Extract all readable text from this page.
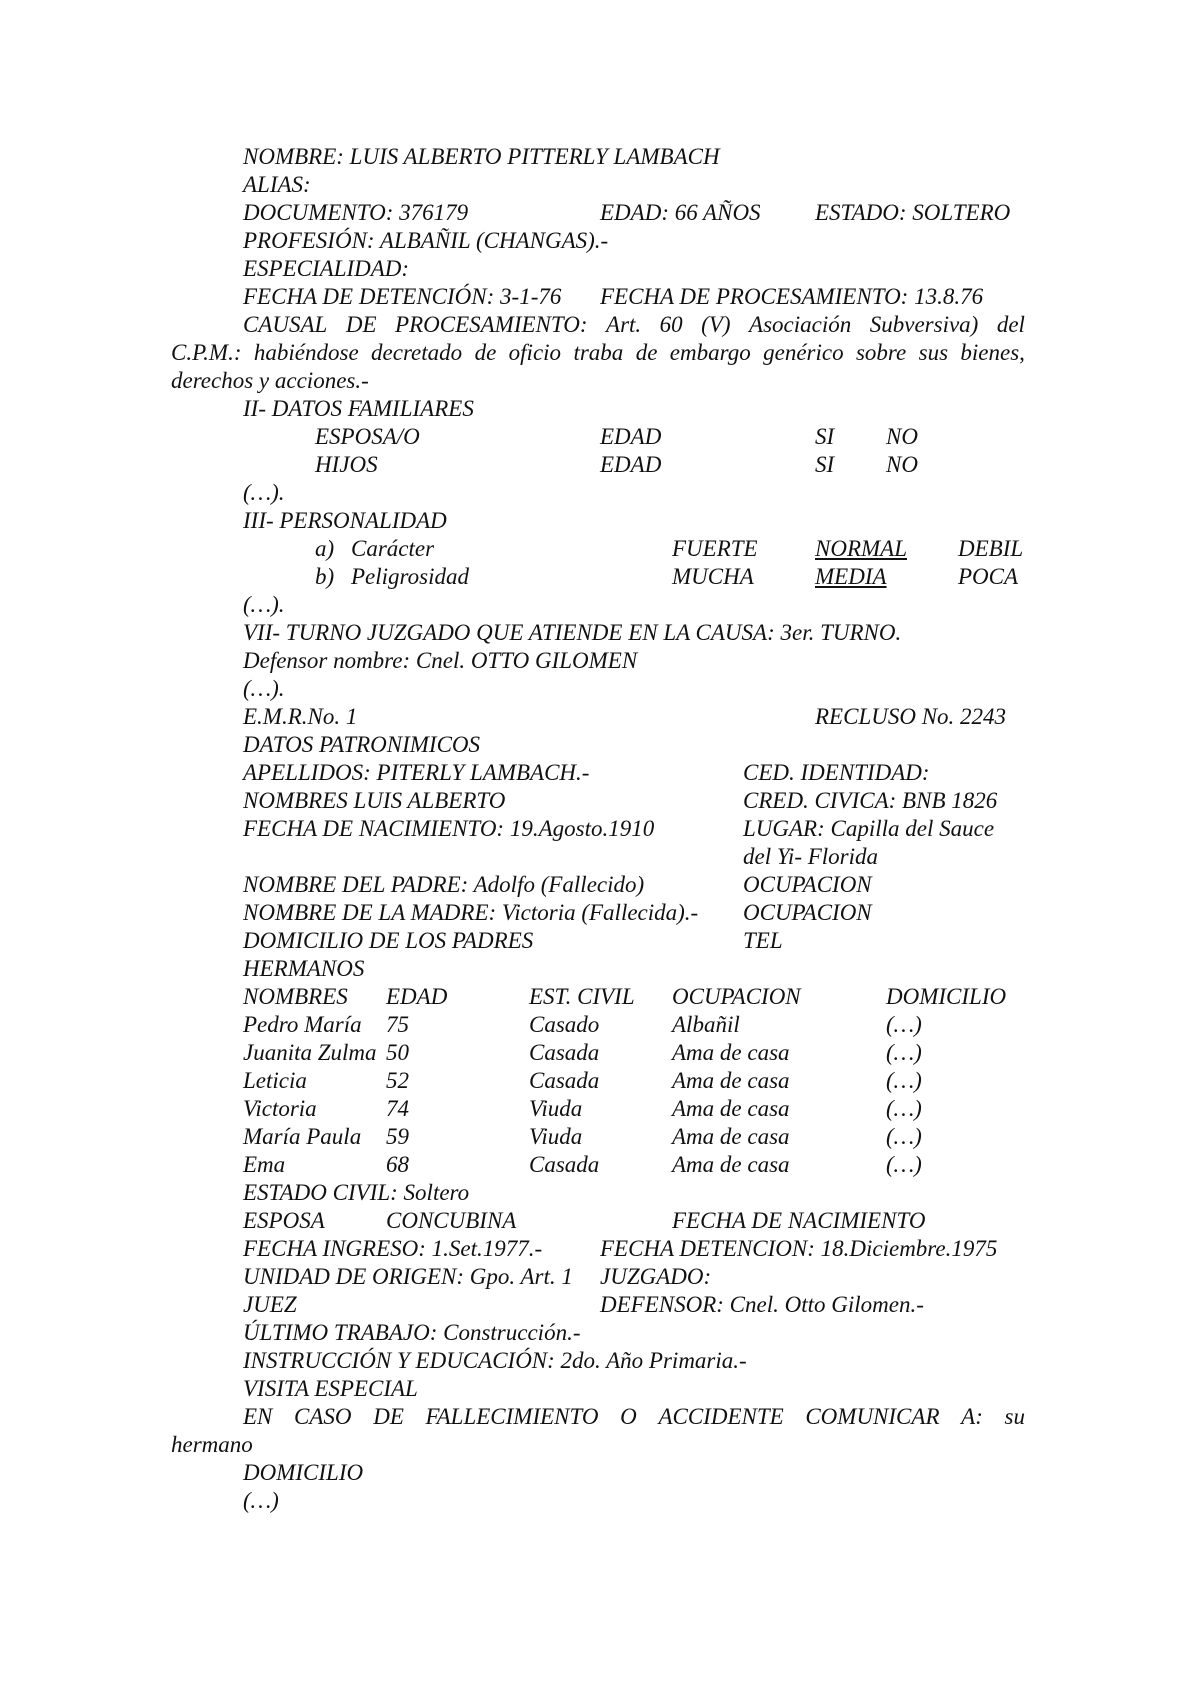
NOMBRE: LUIS ALBERTO PITTERLY LAMBACH
ALIAS:
DOCUMENTO: 376179	EDAD: 66 AÑOS ESTADO: SOLTERO
PROFESIÓN: ALBAÑIL (CHANGAS).-
ESPECIALIDAD:
FECHA DE DETENCIÓN: 3-1-76 FECHA DE PROCESAMIENTO: 13.8.76
CAUSAL DE PROCESAMIENTO: Art. 60 (V) Asociación Subversiva) del
C.P.M.: habiéndose decretado de oficio traba de embargo genérico sobre sus bienes,
derechos y acciones.-
II- DATOS FAMILIARES
ESPOSA/O	EDAD	SI NO
HIJOS	EDAD	SI NO
(…).
III- PERSONALIDAD
a) Carácter	FUERTE NORMAL DEBIL
b) Peligrosidad	MUCHA	MEDIA	POCA
(…).
VII- TURNO JUZGADO QUE ATIENDE EN LA CAUSA: 3er. TURNO.
Defensor nombre: Cnel. OTTO GILOMEN
(…).
E.M.R.No. 1	RECLUSO No. 2243
DATOS PATRONIMICOS
APELLIDOS: PITERLY LAMBACH.-	CED. IDENTIDAD:
NOMBRES LUIS ALBERTO	CRED. CIVICA: BNB 1826
FECHA DE NACIMIENTO: 19.Agosto.1910	LUGAR: Capilla del Sauce
del Yi- Florida
NOMBRE DEL PADRE: Adolfo (Fallecido)	OCUPACION
NOMBRE DE LA MADRE: Victoria (Fallecida).- OCUPACION
DOMICILIO DE LOS PADRES	TEL
HERMANOS
NOMBRES EDAD	EST. CIVIL OCUPACION	DOMICILIO
Pedro María 75	Casado	Albañil	(…)
Juanita Zulma 50	Casada	Ama de casa	(…)
Leticia	52	Casada	Ama de casa	(…)
Victoria	74	Viuda	Ama de casa	(…)
María Paula 59	Viuda	Ama de casa	(…)
Ema	68	Casada	Ama de casa	(…)
ESTADO CIVIL: Soltero
ESPOSA	CONCUBINA	FECHA DE NACIMIENTO
FECHA INGRESO: 1.Set.1977.-	FECHA DETENCION: 18.Diciembre.1975
UNIDAD DE ORIGEN: Gpo. Art. 1 JUZGADO:
JUEZ	DEFENSOR: Cnel. Otto Gilomen.-
ÚLTIMO TRABAJO: Construcción.-
INSTRUCCIÓN Y EDUCACIÓN: 2do. Año Primaria.-
VISITA ESPECIAL
EN CASO DE FALLECIMIENTO O ACCIDENTE COMUNICAR A: su
hermano
DOMICILIO
(…)
